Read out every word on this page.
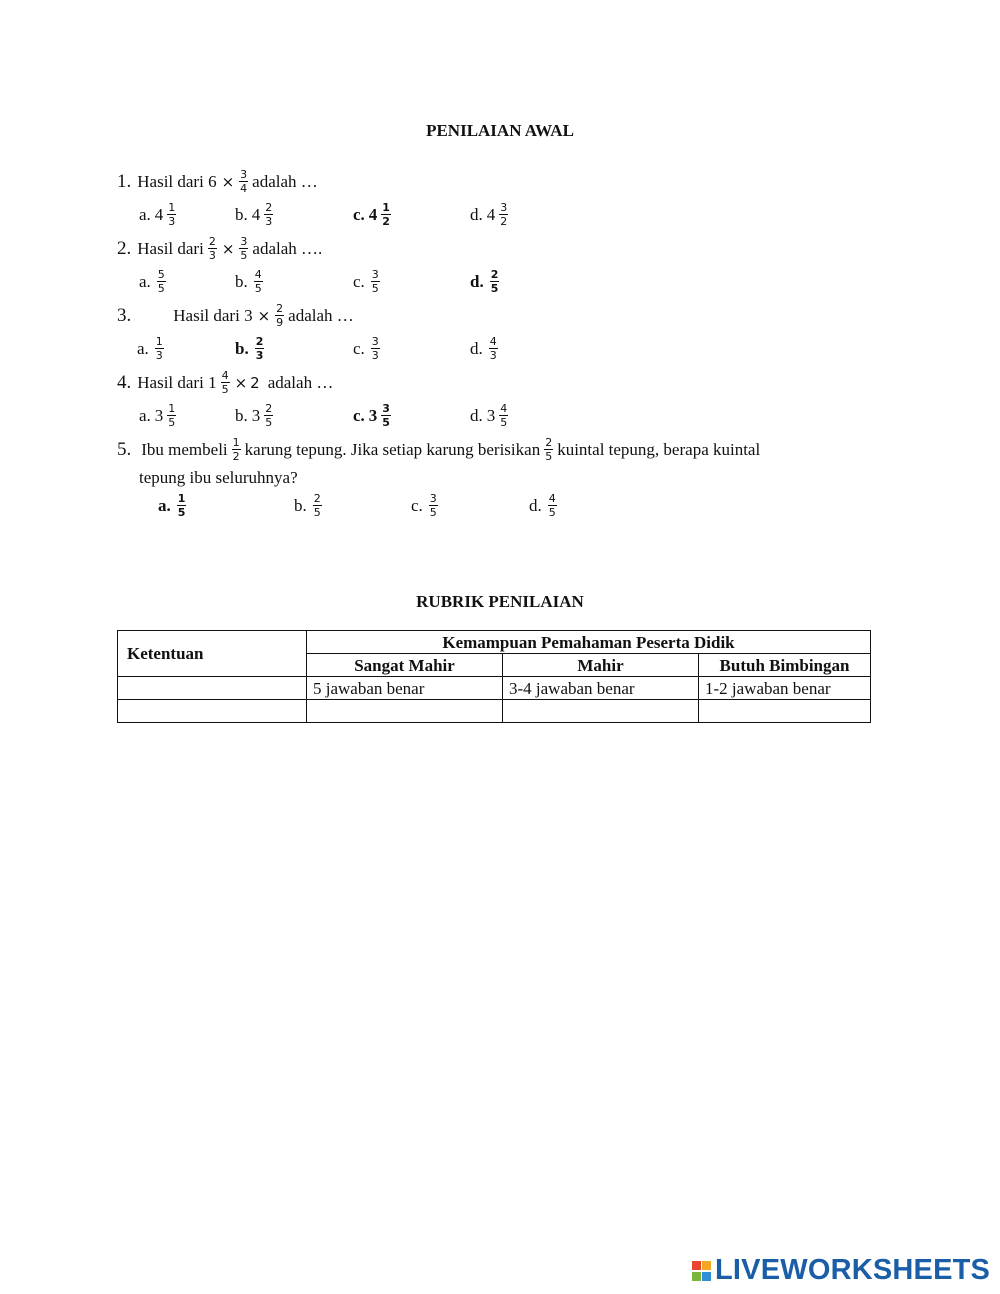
PENILAIAN AWAL
1. Hasil dari $6 \times \frac{3}{4}$ adalah …
a. $4 \frac{1}{3}$	b. $4 \frac{2}{3}$	c. $4 \frac{1}{2}$	d. $4 \frac{3}{2}$
2. Hasil dari $\frac{2}{3} \times \frac{3}{5}$ adalah ….
a. $\frac{5}{5}$	b. $\frac{4}{5}$	c. $\frac{3}{5}$	d. $\frac{2}{5}$
3. Hasil dari $3 \times \frac{2}{9}$ adalah …
a. $\frac{1}{3}$	b. $\frac{2}{3}$	c. $\frac{3}{3}$	d. $\frac{4}{3}$
4. Hasil dari $1 \frac{4}{5} \times 2$ adalah …
a. $3 \frac{1}{5}$	b. $3 \frac{2}{5}$	c. $3 \frac{3}{5}$	d. $3 \frac{4}{5}$
5. Ibu membeli $\frac{1}{2}$ karung tepung. Jika setiap karung berisikan $\frac{2}{5}$ kuintal tepung, berapa kuintal
tepung ibu seluruhnya?
a. $\frac{1}{5}$	b. $\frac{2}{5}$	c. $\frac{3}{5}$	d. $\frac{4}{5}$
RUBRIK PENILAIAN
Ketentuan	Kemampuan Pemahaman Peserta Didik		
	Sangat Mahir	Mahir	Butuh Bimbingan
	5 jawaban benar	3-4 jawaban benar	1-2 jawaban benar

LIVEWORKSHEETS
